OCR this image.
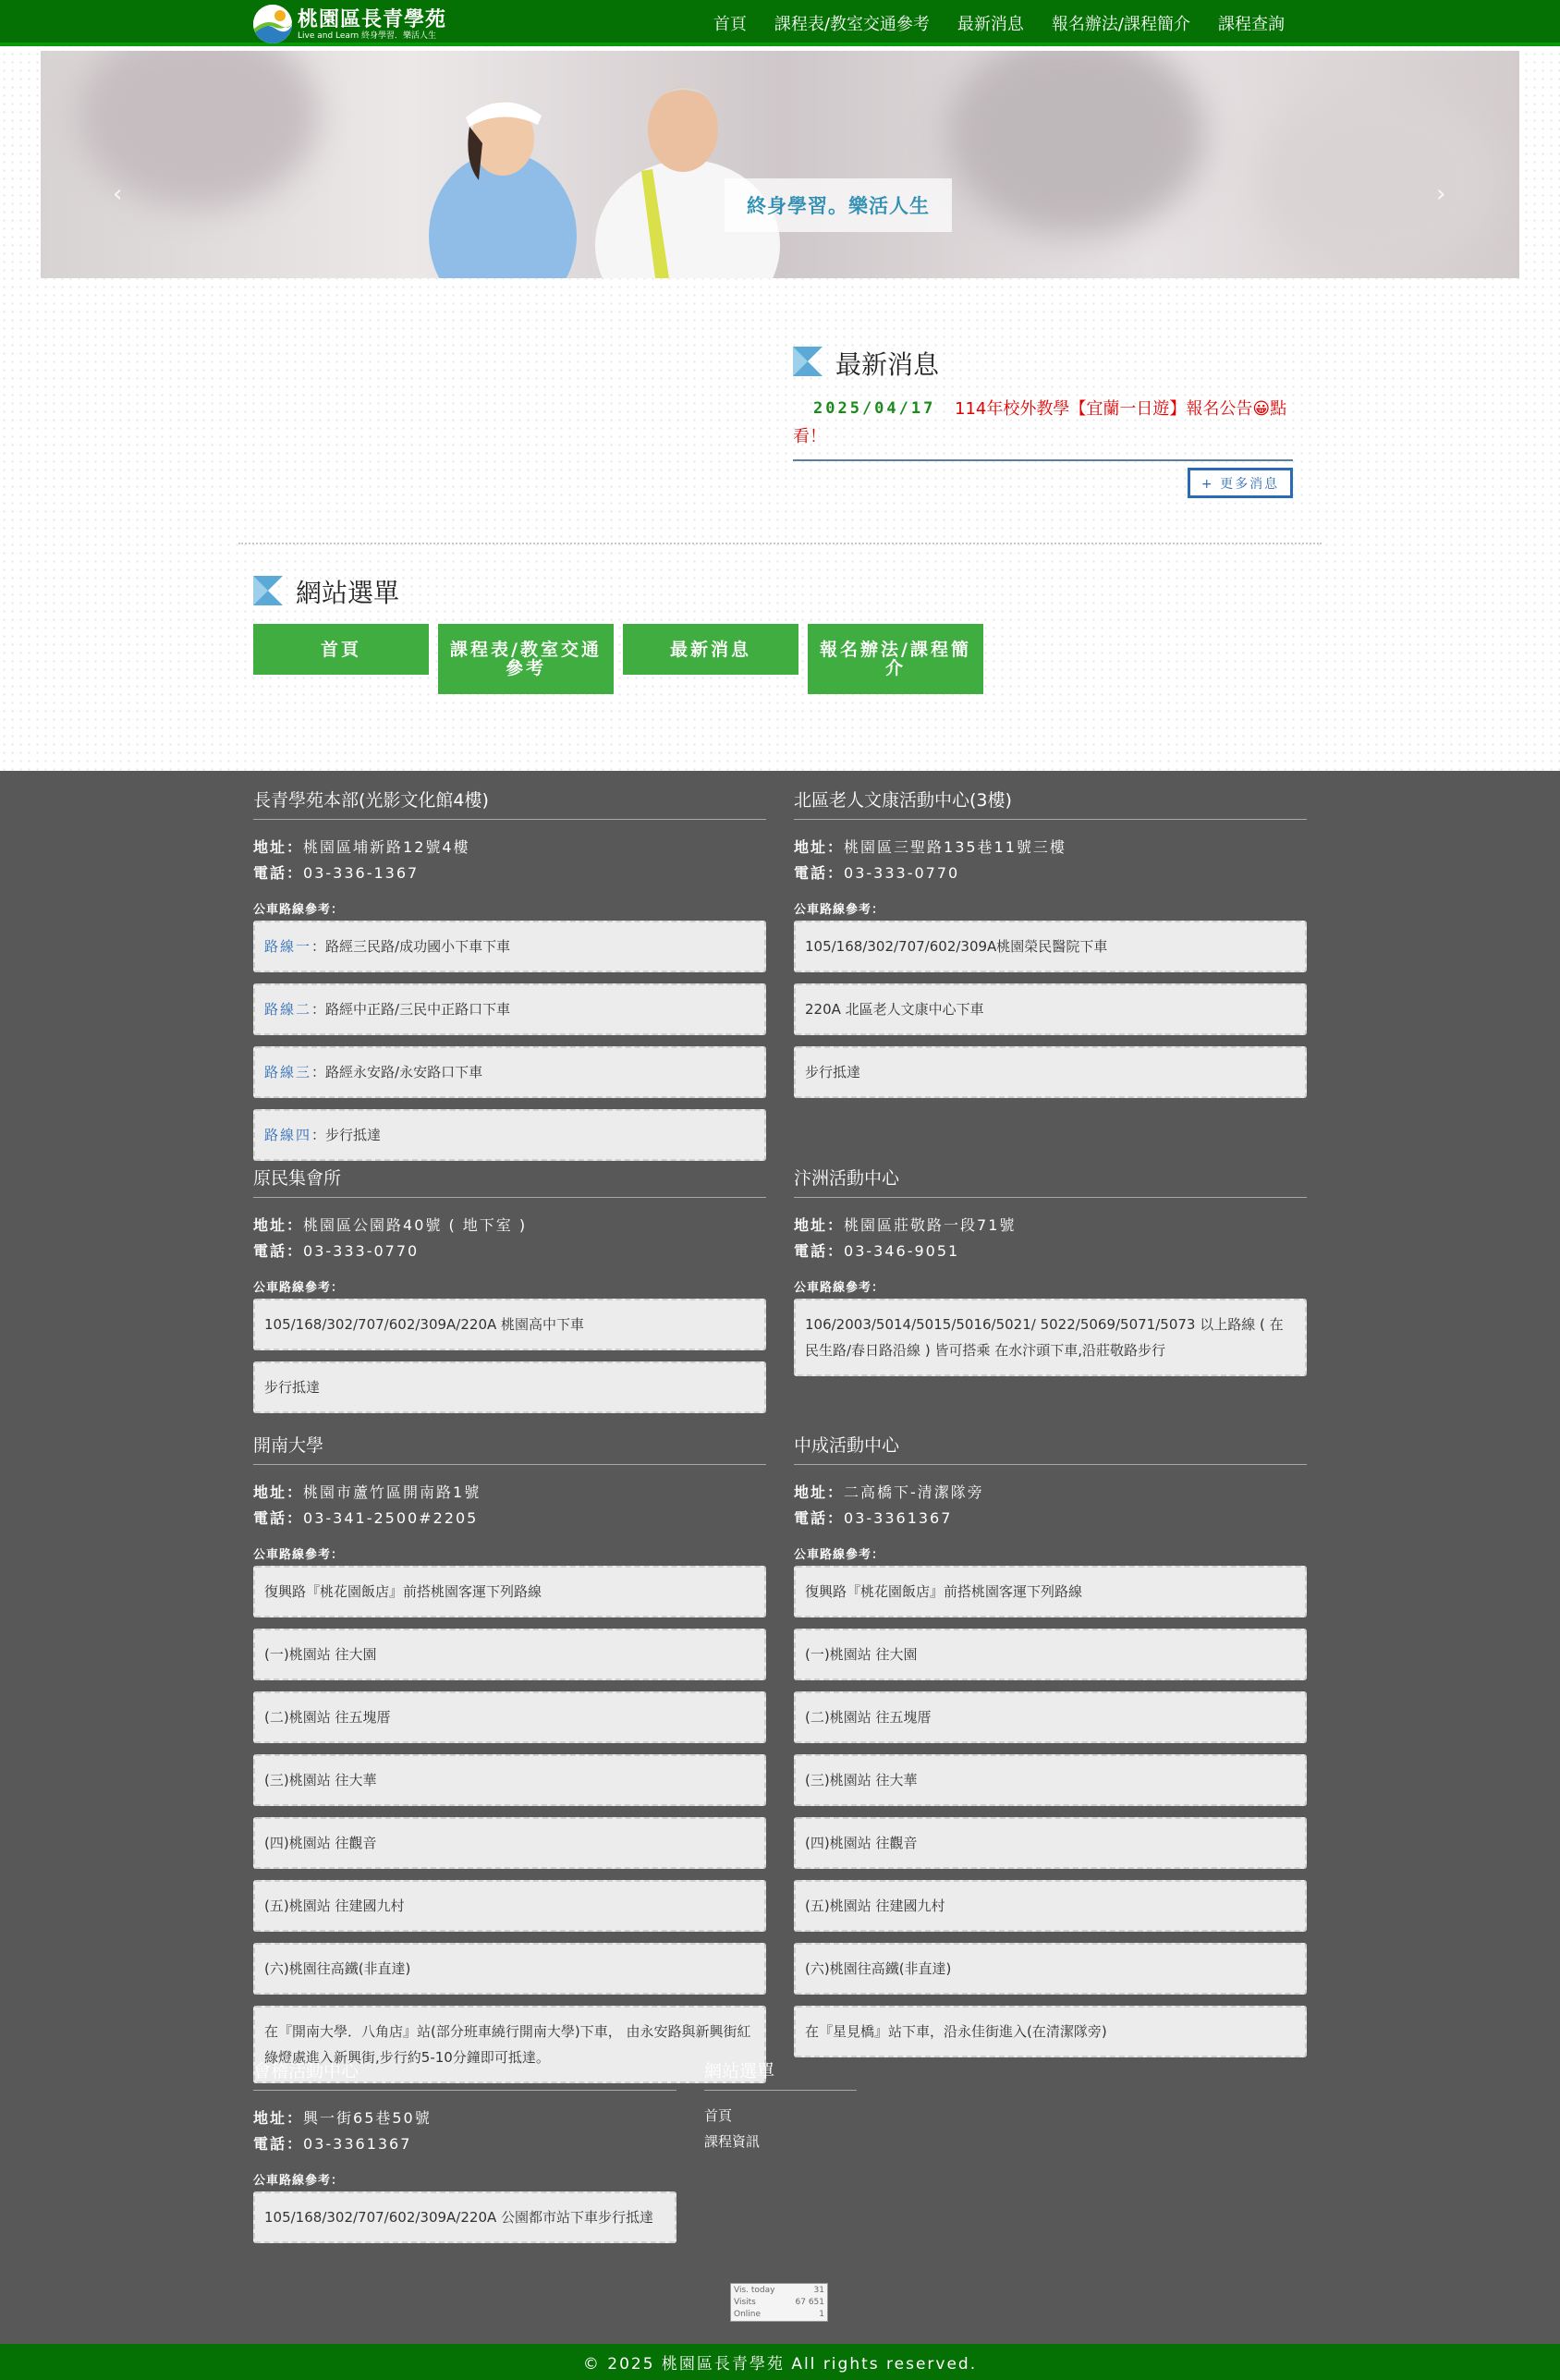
桃園區長青學苑
Live and Learn 終身學習．樂活人生
首頁	課程表/教室交通參考	最新消息	報名辦法/課程簡介	課程查詢
終身學習。樂活人生
‹	›
最新消息
114年校外教學【宜蘭一日遊】報名公告😀點看！
2025/04/17
+ 更多消息
網站選單
首頁	課程表/教室交通參考
最新消息	報名辦法/課程簡介
長青學苑本部(光影文化館4樓)
地址：桃園區埔新路12號4樓
電話：03-336-1367
公車路線參考：
路線一：路經三民路/成功國小下車下車
路線二：路經中正路/三民中正路口下車
路線三：路經永安路/永安路口下車
路線四：步行抵達
北區老人文康活動中心(3樓)
地址：桃園區三聖路135巷11號三樓
電話：03-333-0770
公車路線參考：
105/168/302/707/602/309A桃園榮民醫院下車
220A 北區老人文康中心下車
步行抵達
原民集會所
地址：桃園區公園路40號 ( 地下室 )
電話：03-333-0770
公車路線參考：
105/168/302/707/602/309A/220A 桃園高中下車
步行抵達
汴洲活動中心
地址：桃園區莊敬路一段71號
電話：03-346-9051
公車路線參考：
106/2003/5014/5015/5016/5021/ 5022/5069/5071/5073 以上路線 ( 在民生路/春日路沿線 ) 皆可搭乘 在水汴頭下車,沿莊敬路步行
開南大學
地址：桃園市蘆竹區開南路1號
電話：03-341-2500#2205
公車路線參考：
復興路『桃花園飯店』前搭桃園客運下列路線
(一)桃園站 往大園
(二)桃園站 往五塊厝
(三)桃園站 往大華
(四)桃園站 往觀音
(五)桃園站 往建國九村
(六)桃園往高鐵(非直達)
在『開南大學．八角店』站(部分班車繞行開南大學)下車， 由永安路與新興街紅綠燈處進入新興街,步行約5-10分鐘即可抵達。
中成活動中心
地址：二高橋下-清潔隊旁
電話：03-3361367
公車路線參考：
復興路『桃花園飯店』前搭桃園客運下列路線
(一)桃園站 往大園
(二)桃園站 往五塊厝
(三)桃園站 往大華
(四)桃園站 往觀音
(五)桃園站 往建國九村
(六)桃園往高鐵(非直達)
在『星見橋』站下車，沿永佳街進入(在清潔隊旁)
會稽活動中心
地址：興一街65巷50號
電話：03-3361367
公車路線參考：
105/168/302/707/602/309A/220A 公園都市站下車步行抵達
網站選單
首頁
課程資訊
Vis. today	31
Visits	67 651
Online	1
© 2025 桃園區長青學苑 All rights reserved.
